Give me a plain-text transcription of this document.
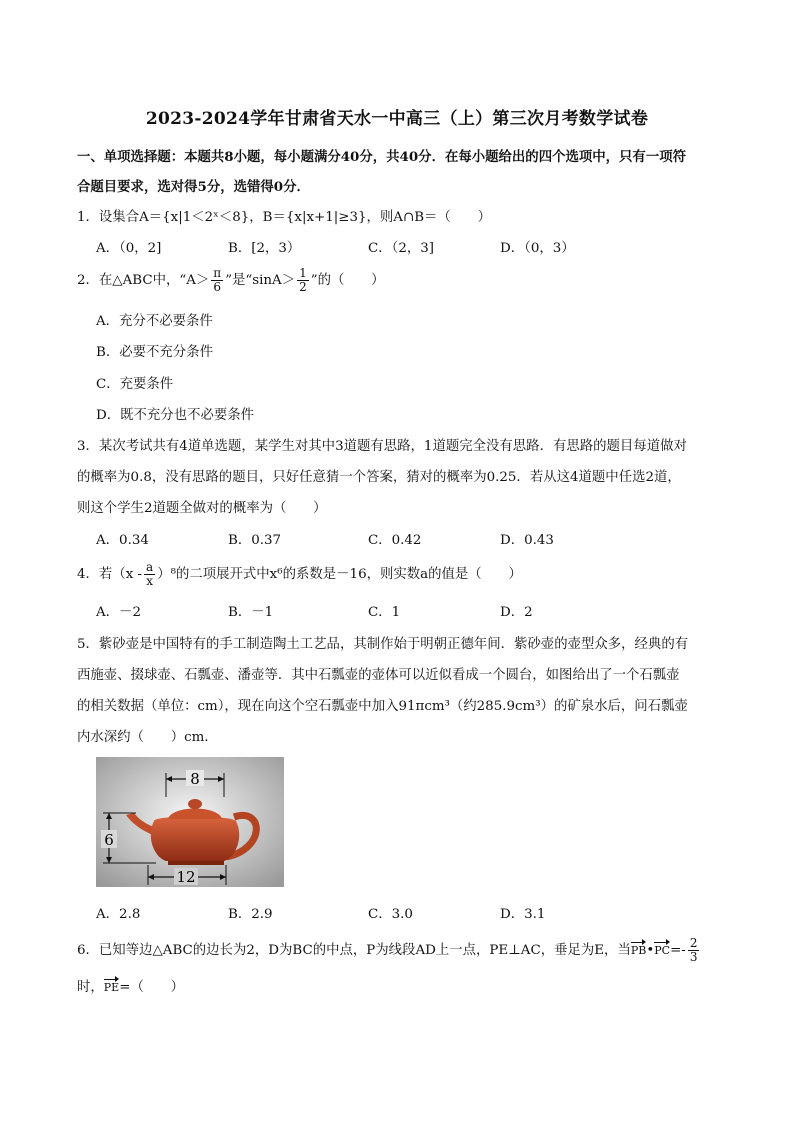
2023-2024学年甘肃省天水一中高三（上）第三次月考数学试卷
一、单项选择题：本题共8小题，每小题满分40分，共40分．在每小题给出的四个选项中，只有一项符
合题目要求，选对得5分，选错得0分．
1．设集合A＝{x|1＜2ˣ＜8}，B＝{x|x+1|≥3}，则A∩B＝（　　）
A．（0，2]	B．[2，3）	C．（2，3]	D．（0，3）
2．在△ABC中，“$A> \frac{\pi}{6}$ ”是“$\sin A> \frac{1}{2}$ ”的（　　）
A．充分不必要条件
B．必要不充分条件
C．充要条件
D．既不充分也不必要条件
3．某次考试共有4道单选题，某学生对其中3道题有思路，1道题完全没有思路．有思路的题目每道做对
的概率为0.8，没有思路的题目，只好任意猜一个答案，猜对的概率为0.25．若从这4道题中任选2道，
则这个学生2道题全做对的概率为（　　）
A．0.34	B．0.37	C．0.42	D．0.43
4．若$(x - \frac{a}{x} )^8$的二项展开式中x⁶的系数是－16，则实数a的值是（　　）
A．－2	B．－1	C．1	D．2
5．紫砂壶是中国特有的手工制造陶土工艺品，其制作始于明朝正德年间．紫砂壶的壶型众多，经典的有
西施壶、掇球壶、石瓢壶、潘壶等．其中石瓢壶的壶体可以近似看成一个圆台，如图给出了一个石瓢壶
的相关数据（单位：cm），现在向这个空石瓢壶中加入91πcm³（约285.9cm³）的矿泉水后，问石瓢壶
内水深约（　　）cm．
8
6
12
A．2.8	B．2.9	C．3.0	D．3.1
6．已知等边△ABC的边长为2，D为BC的中点，P为线段AD上一点，PE⊥AC，垂足为E，当PB•PC=- $\frac{2}{3}$
时，PE=（　　）
